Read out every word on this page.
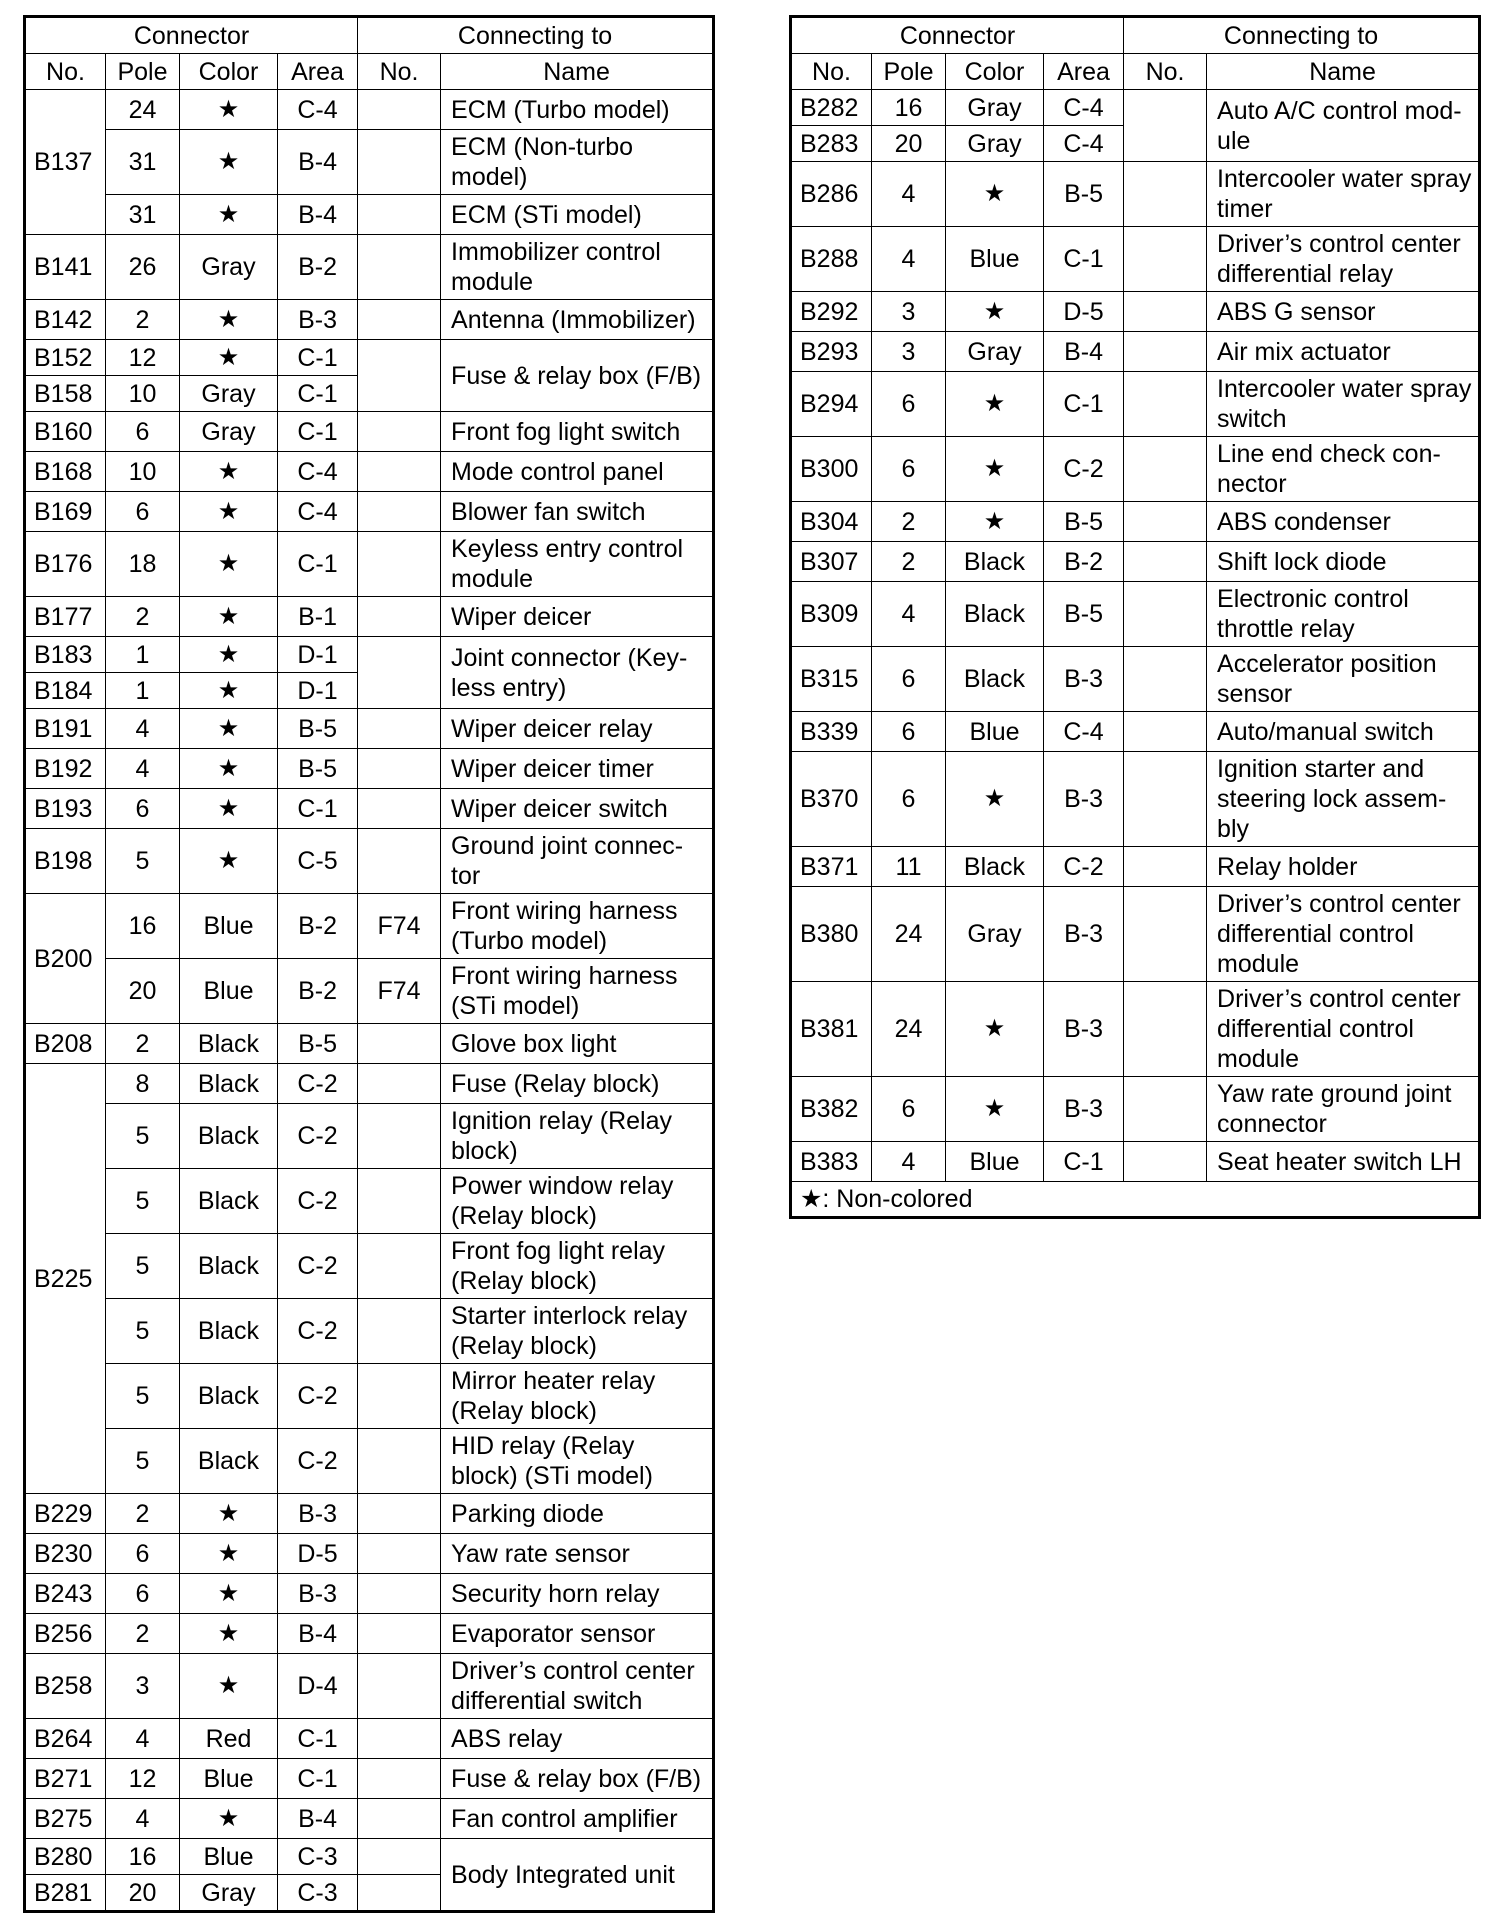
Connector				Connecting to	
No.	Pole	Color	Area	No.	Name
B137	24	★	C-4		ECM (Turbo model)
	31	★	B-4		ECM (Non-turbo model)
	31	★	B-4		ECM (STi model)
B141	26	Gray	B-2		Immobilizer control module
B142	2	★	B-3		Antenna (Immobilizer)
B152	12	★	C-1		Fuse & relay box (F/B)
B158	10	Gray	C-1		
B160	6	Gray	C-1		Front fog light switch
B168	10	★	C-4		Mode control panel
B169	6	★	C-4		Blower fan switch
B176	18	★	C-1		Keyless entry control module
B177	2	★	B-1		Wiper deicer
B183	1	★	D-1		Joint connector (Key-less entry)
B184	1	★	D-1		
B191	4	★	B-5		Wiper deicer relay
B192	4	★	B-5		Wiper deicer timer
B193	6	★	C-1		Wiper deicer switch
B198	5	★	C-5		Ground joint connec-tor
B200	16	Blue	B-2	F74	Front wiring harness (Turbo model)
	20	Blue	B-2	F74	Front wiring harness (STi model)
B208	2	Black	B-5		Glove box light
B225	8	Black	C-2		Fuse (Relay block)
	5	Black	C-2		Ignition relay (Relay block)
	5	Black	C-2		Power window relay (Relay block)
	5	Black	C-2		Front fog light relay (Relay block)
	5	Black	C-2		Starter interlock relay (Relay block)
	5	Black	C-2		Mirror heater relay (Relay block)
	5	Black	C-2		HID relay (Relay block) (STi model)
B229	2	★	B-3		Parking diode
B230	6	★	D-5		Yaw rate sensor
B243	6	★	B-3		Security horn relay
B256	2	★	B-4		Evaporator sensor
B258	3	★	D-4		Driver’s control center differential switch
B264	4	Red	C-1		ABS relay
B271	12	Blue	C-1		Fuse & relay box (F/B)
B275	4	★	B-4		Fan control amplifier
B280	16	Blue	C-3		Body Integrated unit
B281	20	Gray	C-3		
Connector				Connecting to	
No.	Pole	Color	Area	No.	Name
B282	16	Gray	C-4		Auto A/C control mod-ule
B283	20	Gray	C-4		
B286	4	★	B-5		Intercooler water spray timer
B288	4	Blue	C-1		Driver’s control center differential relay
B292	3	★	D-5		ABS G sensor
B293	3	Gray	B-4		Air mix actuator
B294	6	★	C-1		Intercooler water spray switch
B300	6	★	C-2		Line end check con-nector
B304	2	★	B-5		ABS condenser
B307	2	Black	B-2		Shift lock diode
B309	4	Black	B-5		Electronic control throttle relay
B315	6	Black	B-3		Accelerator position sensor
B339	6	Blue	C-4		Auto/manual switch
B370	6	★	B-3		Ignition starter and steering lock assem-bly
B371	11	Black	C-2		Relay holder
B380	24	Gray	B-3		Driver’s control center differential control module
B381	24	★	B-3		Driver’s control center differential control module
B382	6	★	B-3		Yaw rate ground joint connector
B383	4	Blue	C-1		Seat heater switch LH
★: Non-colored					
